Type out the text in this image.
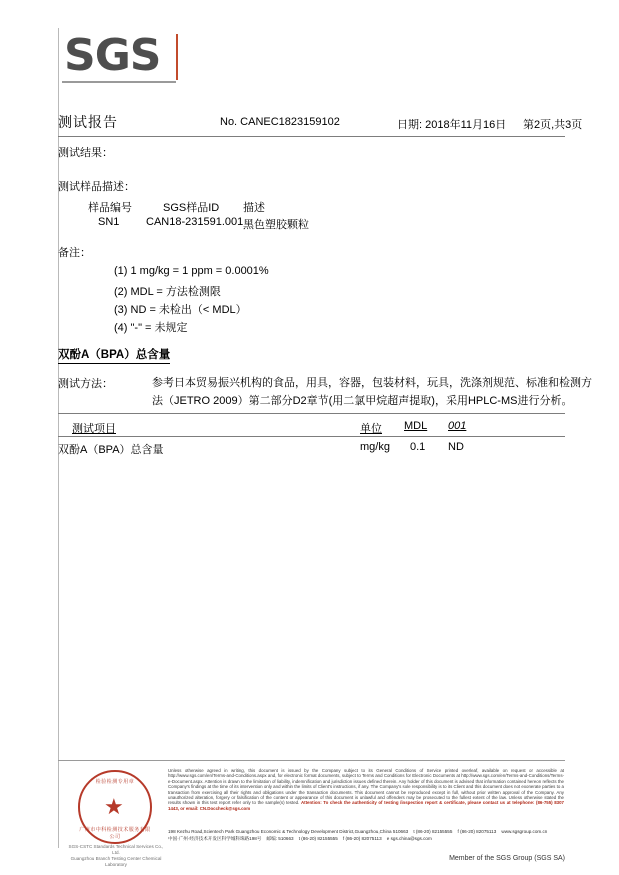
SGS
测试报告	No. CANEC1823159102	日期: 2018年11月16日 第2页,共3页
测试结果：
测试样品描述：
样品编号	SGS样品ID 描述
SN1 CAN18-231591.001 黑色塑胶颗粒
备注：
(1) 1 mg/kg = 1 ppm = 0.0001%
(2) MDL = 方法检测限
(3) ND = 未检出（< MDL）
(4) "-" = 未规定
双酚A（BPA）总含量
测试方法：	参考日本贸易振兴机构的食品，用具，容器，包装材料，玩具，洗涤剂规范、标准和检测方
法（JETRO 2009）第二部分D2章节(用二氯甲烷超声提取)，采用HPLC-MS进行分析。
测试项目	单位 MDL 001
双酚A（BPA）总含量	mg/kg 0.1 ND
检验检测专用章
★
广州市中科检测技术服务有限公司
SGS-CSTC Standards Technical Services Co., Ltd.
Guangzhou Branch Testing Center Chemical Laboratory
Unless otherwise agreed in writing, this document is issued by the Company subject to its General Conditions of Service printed overleaf, available on request or accessible at http://www.sgs.com/en/Terms-and-Conditions.aspx and, for electronic format documents, subject to Terms and Conditions for Electronic Documents at http://www.sgs.com/en/Terms-and-Conditions/Terms-e-Document.aspx. Attention is drawn to the limitation of liability, indemnification and jurisdiction issues defined therein. Any holder of this document is advised that information contained hereon reflects the Company's findings at the time of its intervention only and within the limits of Client's instructions, if any. The Company's sole responsibility is to its Client and this document does not exonerate parties to a transaction from exercising all their rights and obligations under the transaction documents. This document cannot be reproduced except in full, without prior written approval of the Company. Any unauthorized alteration, forgery or falsification of the content or appearance of this document is unlawful and offenders may be prosecuted to the fullest extent of the law. Unless otherwise stated the results shown in this test report refer only to the sample(s) tested. Attention: To check the authenticity of testing /inspection report & certificate, please contact us at telephone: (86-755) 8307 1443, or email: CN.Doccheck@sgs.com
198 Kezhu Road,Scientech Park Guangzhou Economic & Technology Development District,Guangzhou,China 510663 t (86-20) 82155555 f (86-20) 82075113 www.sgsgroup.com.cn
中国·广州·经济技术开发区科学城科珠路198号 邮编: 510663 t (86-20) 82155555 f (86-20) 82075113 e sgs.china@sgs.com
Member of the SGS Group (SGS SA)
